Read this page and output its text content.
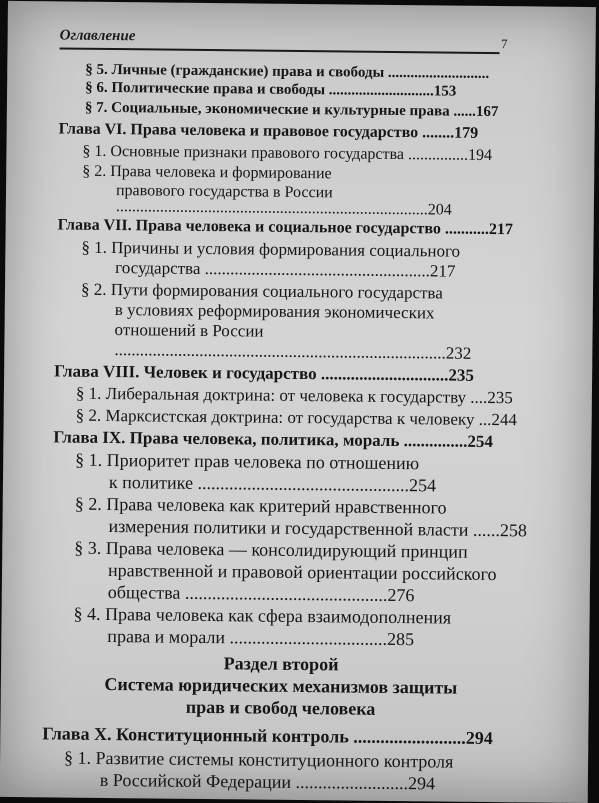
Оглавление	7
§ 5. Личные (гражданские) права и свободы ...........................
§ 6. Политические права и свободы ............................153
§ 7. Социальные, экономические и культурные права ......167
Глава VI. Права человека и правовое государство ........179
§ 1. Основные признаки правового государства ...............194
§ 2. Права человека и формирование
правового государства в России
..............................................................................204
Глава VII. Права человека и социальное государство ...........217
§ 1. Причины и условия формирования социального
государства .....................................................217
§ 2. Пути формирования социального государства
в условиях реформирования экономических
отношений в России
..............................................................................232
Глава VIII. Человек и государство ..............................235
§ 1. Либеральная доктрина: от человека к государству ....235
§ 2. Марксистская доктрина: от государства к человеку ...244
Глава IX. Права человека, политика, мораль ...............254
§ 1. Приоритет прав человека по отношению
к политике ...............................................254
§ 2. Права человека как критерий нравственного
измерения политики и государственной власти ......258
§ 3. Права человека — консолидирующий принцип
нравственной и правовой ориентации российского
общества .............................................276
§ 4. Права человека как сфера взаимодополнения
права и морали ...................................285
Глава X. Конституционный контроль .........................294
§ 1. Развитие системы конституционного контроля
в Российской Федерации .........................294
Раздел второй
Система юридических механизмов защиты
прав и свобод человека
